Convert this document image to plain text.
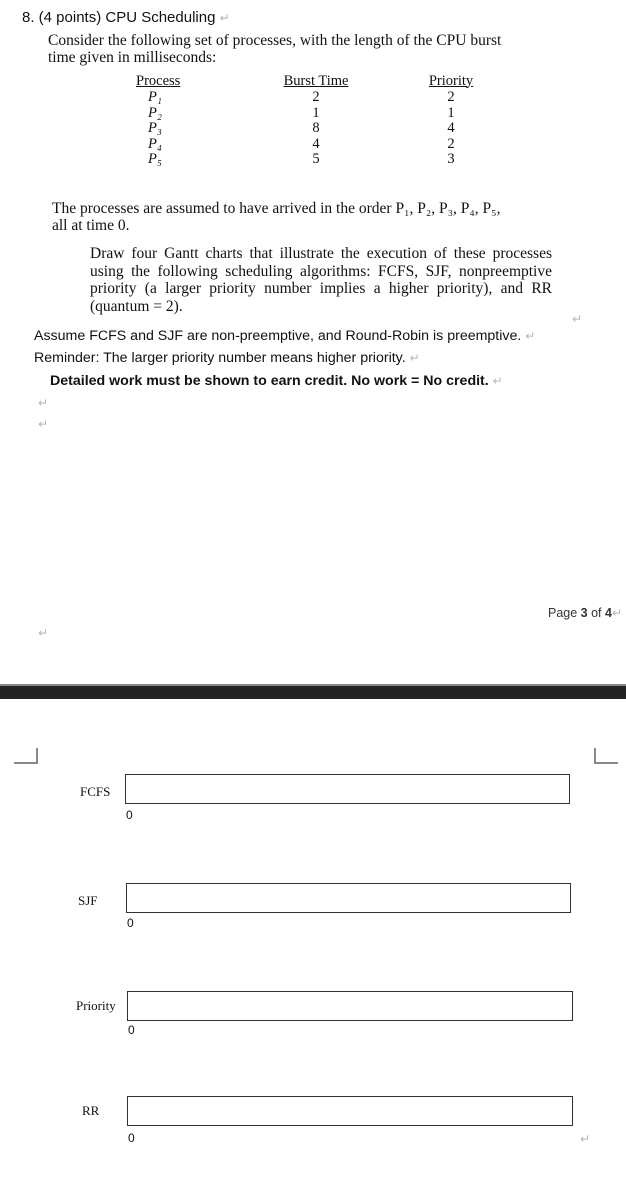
8. (4 points) CPU Scheduling ↵
Consider the following set of processes, with the length of the CPU burst
time given in milliseconds:
Process	Burst Time	Priority
P₁	2	2
P₂	1	1
P₃	8	4
P₄	4	2
P₅	5	3
The processes are assumed to have arrived in the order P₁, P₂, P₃, P₄, P₅,
all at time 0.
Draw four Gantt charts that illustrate the execution of these processes using the following scheduling algorithms: FCFS, SJF, nonpreemptive priority (a larger priority number implies a higher priority), and RR (quantum = 2).
↵
Assume FCFS and SJF are non-preemptive, and Round-Robin is preemptive. ↵
Reminder: The larger priority number means higher priority. ↵
Detailed work must be shown to earn credit. No work = No credit. ↵
↵
↵
Page 3 of 4↵
↵
FCFS
0
SJF
0
Priority
0
RR
0	↵
